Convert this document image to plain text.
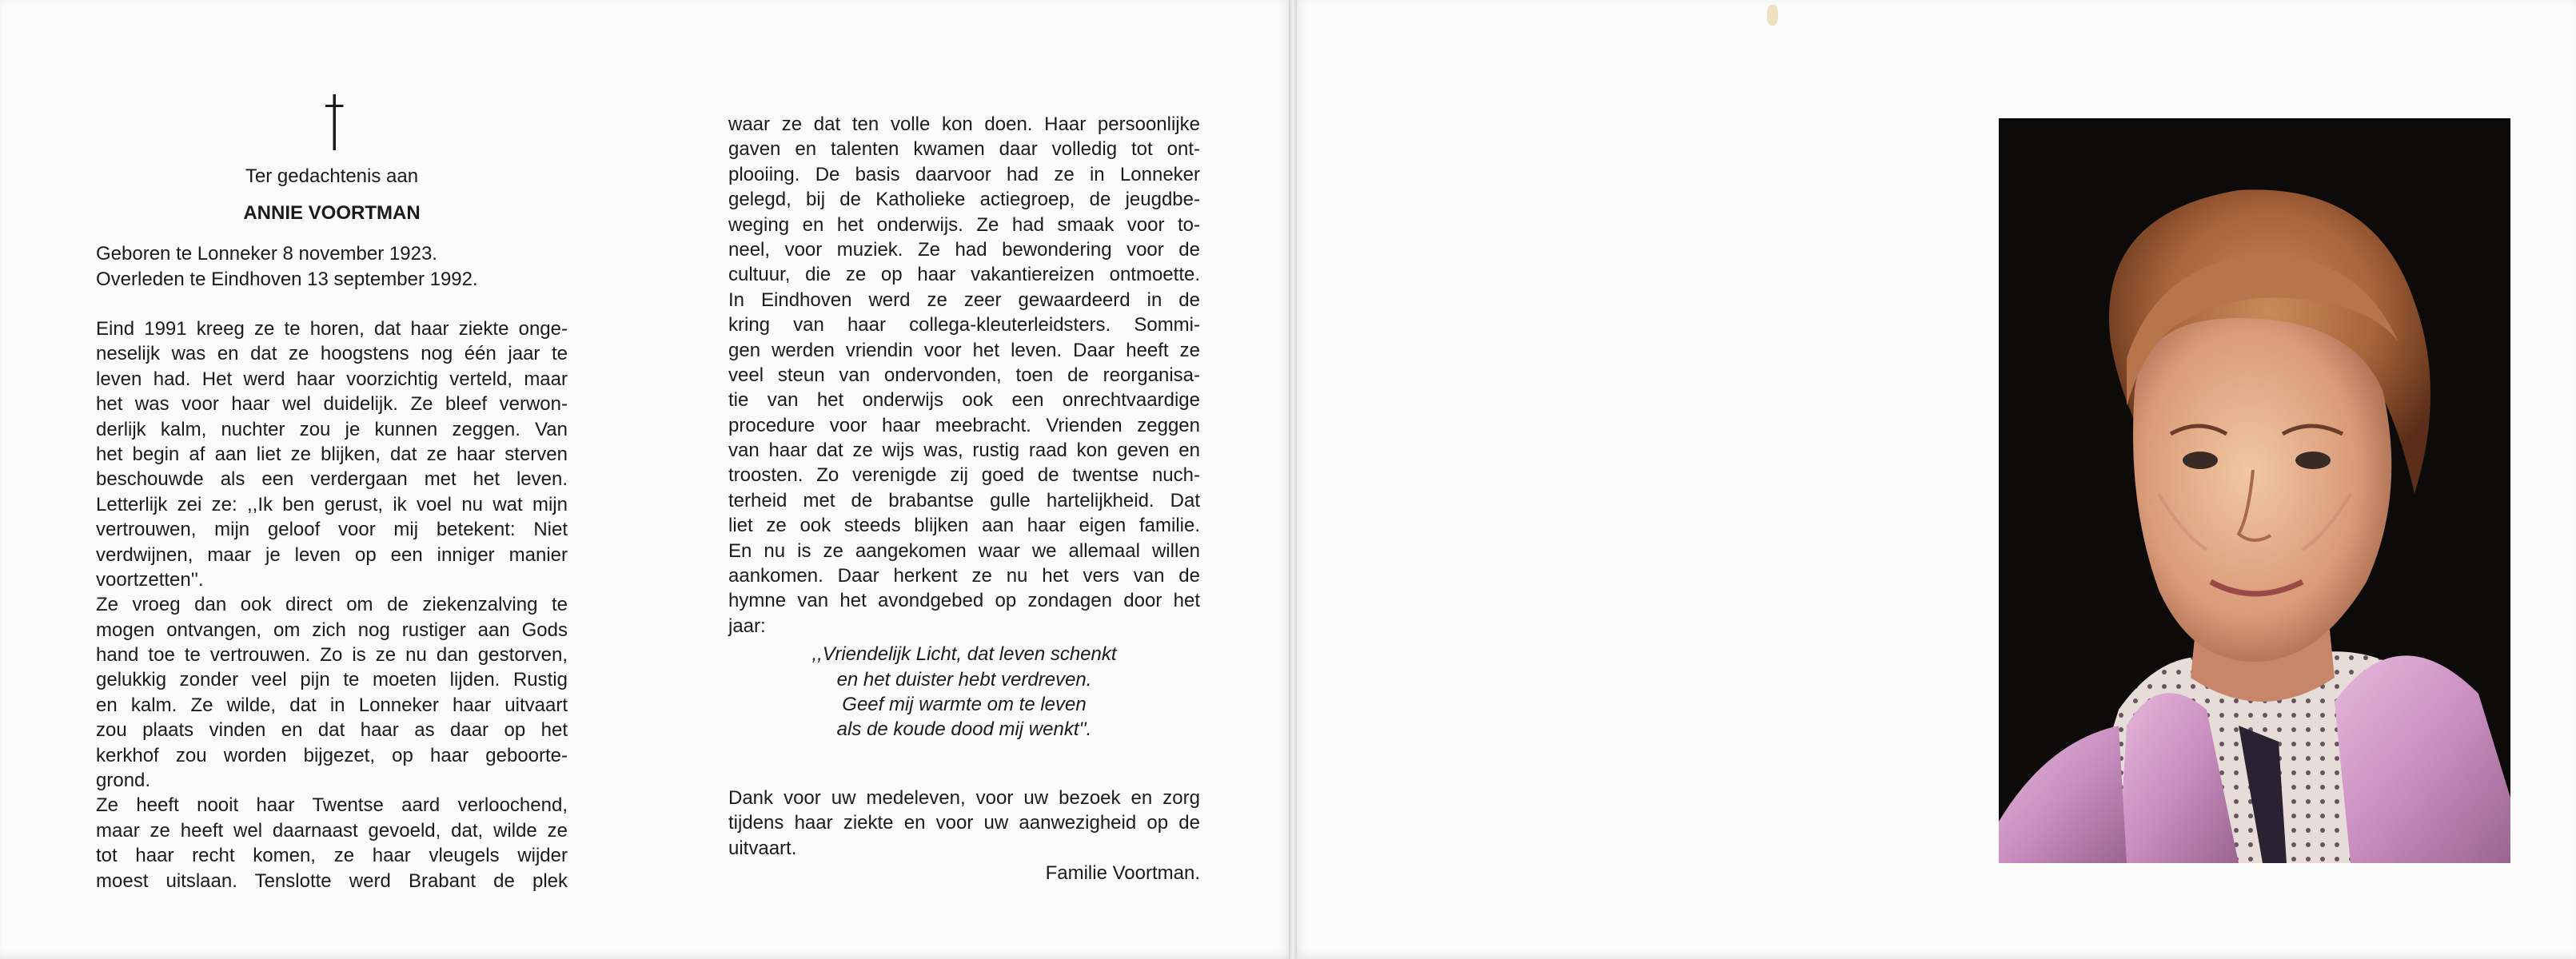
Ter gedachtenis aan
ANNIE VOORTMAN
Geboren te Lonneker 8 november 1923.
Overleden te Eindhoven 13 september 1992.
Eind 1991 kreeg ze te horen, dat haar ziekte onge-
neselijk was en dat ze hoogstens nog één jaar te
leven had. Het werd haar voorzichtig verteld, maar
het was voor haar wel duidelijk. Ze bleef verwon-
derlijk kalm, nuchter zou je kunnen zeggen. Van
het begin af aan liet ze blijken, dat ze haar sterven
beschouwde als een verdergaan met het leven.
Letterlijk zei ze: ,,Ik ben gerust, ik voel nu wat mijn
vertrouwen, mijn geloof voor mij betekent: Niet
verdwijnen, maar je leven op een inniger manier
voortzetten''.
Ze vroeg dan ook direct om de ziekenzalving te
mogen ontvangen, om zich nog rustiger aan Gods
hand toe te vertrouwen. Zo is ze nu dan gestorven,
gelukkig zonder veel pijn te moeten lijden. Rustig
en kalm. Ze wilde, dat in Lonneker haar uitvaart
zou plaats vinden en dat haar as daar op het
kerkhof zou worden bijgezet, op haar geboorte-
grond.
Ze heeft nooit haar Twentse aard verloochend,
maar ze heeft wel daarnaast gevoeld, dat, wilde ze
tot haar recht komen, ze haar vleugels wijder
moest uitslaan. Tenslotte werd Brabant de plek
waar ze dat ten volle kon doen. Haar persoonlijke
gaven en talenten kwamen daar volledig tot ont-
plooiing. De basis daarvoor had ze in Lonneker
gelegd, bij de Katholieke actiegroep, de jeugdbe-
weging en het onderwijs. Ze had smaak voor to-
neel, voor muziek. Ze had bewondering voor de
cultuur, die ze op haar vakantiereizen ontmoette.
In Eindhoven werd ze zeer gewaardeerd in de
kring van haar collega-kleuterleidsters. Sommi-
gen werden vriendin voor het leven. Daar heeft ze
veel steun van ondervonden, toen de reorganisa-
tie van het onderwijs ook een onrechtvaardige
procedure voor haar meebracht. Vrienden zeggen
van haar dat ze wijs was, rustig raad kon geven en
troosten. Zo verenigde zij goed de twentse nuch-
terheid met de brabantse gulle hartelijkheid. Dat
liet ze ook steeds blijken aan haar eigen familie.
En nu is ze aangekomen waar we allemaal willen
aankomen. Daar herkent ze nu het vers van de
hymne van het avondgebed op zondagen door het
jaar:
,,Vriendelijk Licht, dat leven schenkt
en het duister hebt verdreven.
Geef mij warmte om te leven
als de koude dood mij wenkt''.
Dank voor uw medeleven, voor uw bezoek en zorg
tijdens haar ziekte en voor uw aanwezigheid op de
uitvaart.
Familie Voortman.
